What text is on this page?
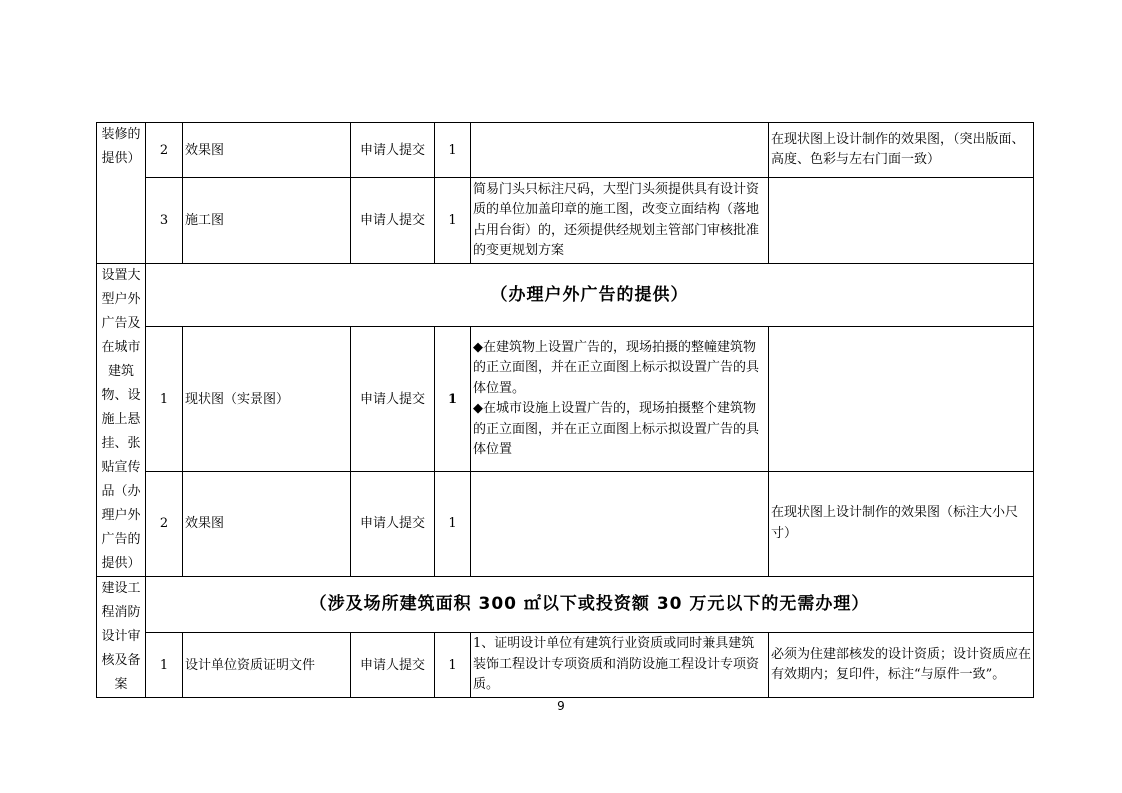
装修的提供）	2	效果图	申请人提交	1		在现状图上设计制作的效果图，（突出版面、高度、色彩与左右门面一致）
	3	施工图	申请人提交	1	简易门头只标注尺码，大型门头须提供具有设计资质的单位加盖印章的施工图，改变立面结构（落地占用台街）的，还须提供经规划主管部门审核批准的变更规划方案	
设置大型户外广告及在城市建筑物、设施上悬挂、张贴宣传品（办理户外广告的提供）	（办理户外广告的提供）					
	1	现状图（实景图）	申请人提交	1	◆在建筑物上设置广告的，现场拍摄的整幢建筑物的正立面图，并在正立面图上标示拟设置广告的具体位置。
◆在城市设施上设置广告的，现场拍摄整个建筑物的正立面图，并在正立面图上标示拟设置广告的具体位置	

	2	效果图	申请人提交	1		在现状图上设计制作的效果图（标注大小尺寸）
建设工程消防设计审核及备案	（涉及场所建筑面积 300 ㎡以下或投资额 30 万元以下的无需办理）					
	1	设计单位资质证明文件	申请人提交	1	1、证明设计单位有建筑行业资质或同时兼具建筑装饰工程设计专项资质和消防设施工程设计专项资质。	必须为住建部核发的设计资质；设计资质应在有效期内；复印件，标注“与原件一致”。
9
